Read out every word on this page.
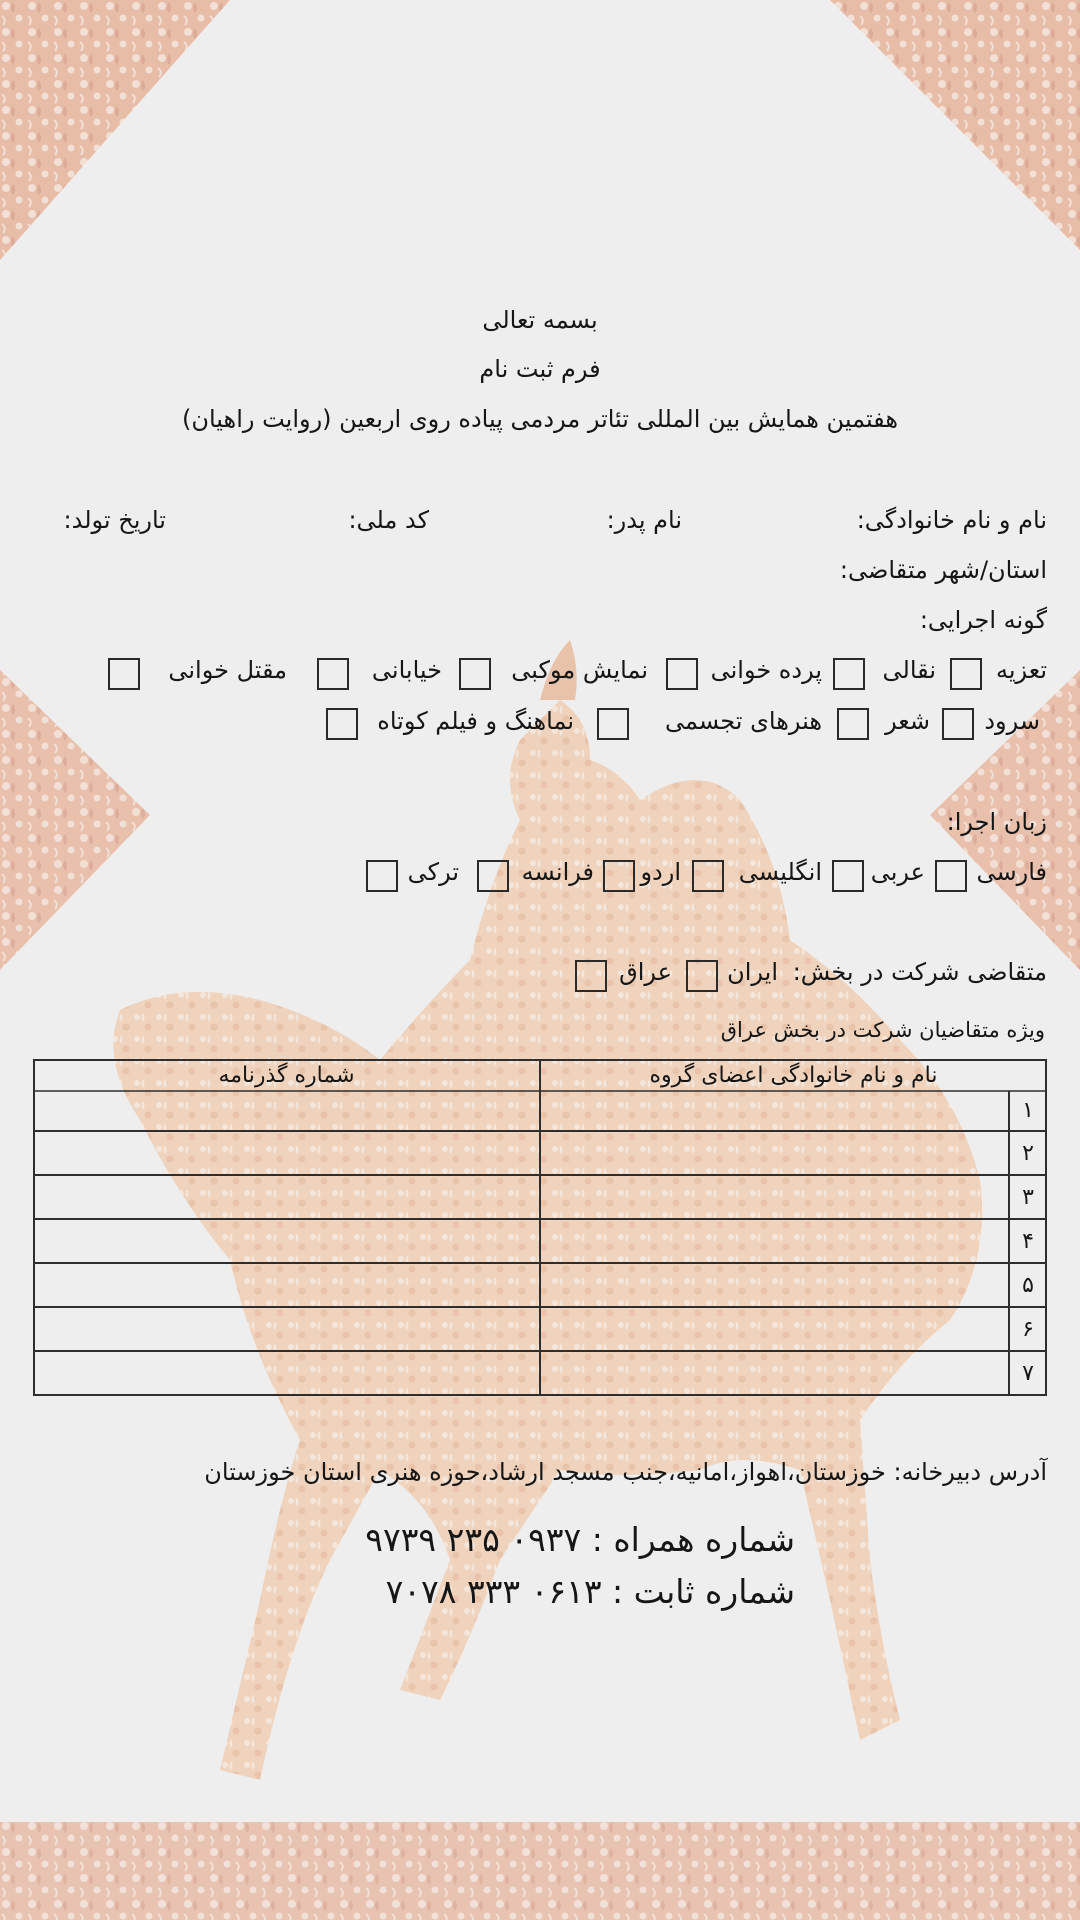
بسمه تعالی
فرم ثبت نام
هفتمین همایش بین المللی تئاتر مردمی پیاده روی اربعین (روایت راهیان)
نام و نام خانوادگی:
نام پدر:
کد ملی:
تاریخ تولد:
استان/شهر متقاضی:
گونه اجرایی:
تعزیه
نقالی
پرده خوانی
نمایش موکبی
خیابانی
مقتل خوانی
سرود
شعر
هنرهای تجسمی
نماهنگ و فیلم کوتاه
زبان اجرا:
فارسی
عربی
انگلیسی
اردو
فرانسه
ترکی
متقاضی شرکت در بخش:
ایران
عراق
ویژه متقاضیان شرکت در بخش عراق
نام و نام خانوادگی اعضای گروه
شماره گذرنامه
۱
۲
۳
۴
۵
۶
۷
آدرس دبیرخانه: خوزستان،اهواز،امانیه،جنب مسجد ارشاد،حوزه هنری استان خوزستان
شماره همراه : ۰۹۳۷ ۲۳۵ ۹۷۳۹
شماره ثابت : ۰۶۱۳ ۳۳۳ ۷۰۷۸
